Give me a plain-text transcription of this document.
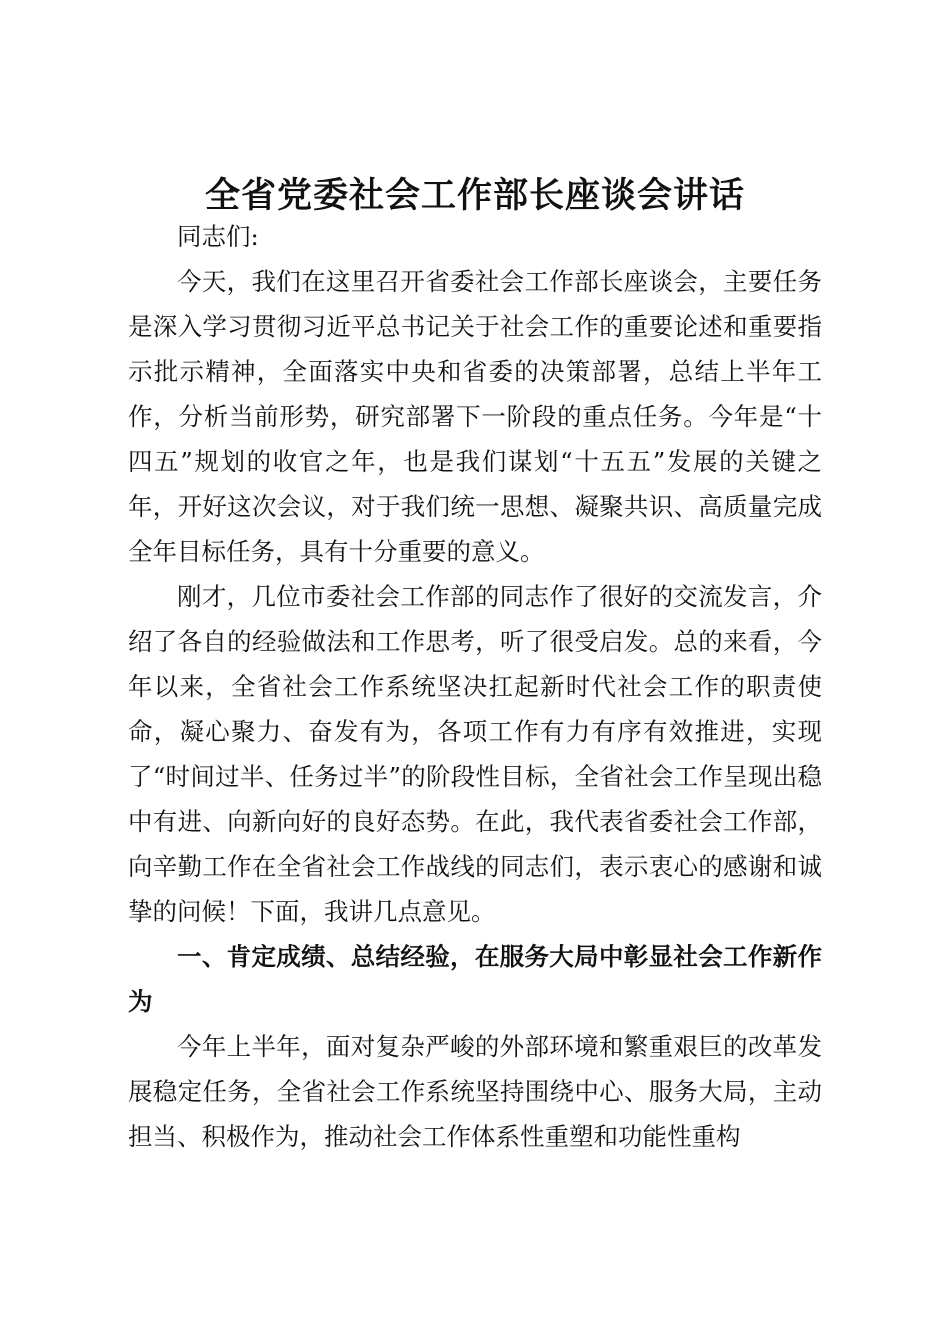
全省党委社会工作部长座谈会讲话

同志们:

今天，我们在这里召开省委社会工作部长座谈会，主要任务是深入学习贯彻习近平总书记关于社会工作的重要论述和重要指示批示精神，全面落实中央和省委的决策部署，总结上半年工作，分析当前形势，研究部署下一阶段的重点任务。今年是“十四五”规划的收官之年，也是我们谋划“十五五”发展的关键之年，开好这次会议，对于我们统一思想、凝聚共识、高质量完成全年目标任务，具有十分重要的意义。

刚才，几位市委社会工作部的同志作了很好的交流发言，介绍了各自的经验做法和工作思考，听了很受启发。总的来看，今年以来，全省社会工作系统坚决扛起新时代社会工作的职责使命，凝心聚力、奋发有为，各项工作有力有序有效推进，实现了“时间过半、任务过半”的阶段性目标，全省社会工作呈现出稳中有进、向新向好的良好态势。在此，我代表省委社会工作部，向辛勤工作在全省社会工作战线的同志们，表示衷心的感谢和诚挚的问候！下面，我讲几点意见。

一、肯定成绩、总结经验，在服务大局中彰显社会工作新作为

今年上半年，面对复杂严峻的外部环境和繁重艰巨的改革发展稳定任务，全省社会工作系统坚持围绕中心、服务大局，主动担当、积极作为，推动社会工作体系性重塑和功能性重构
